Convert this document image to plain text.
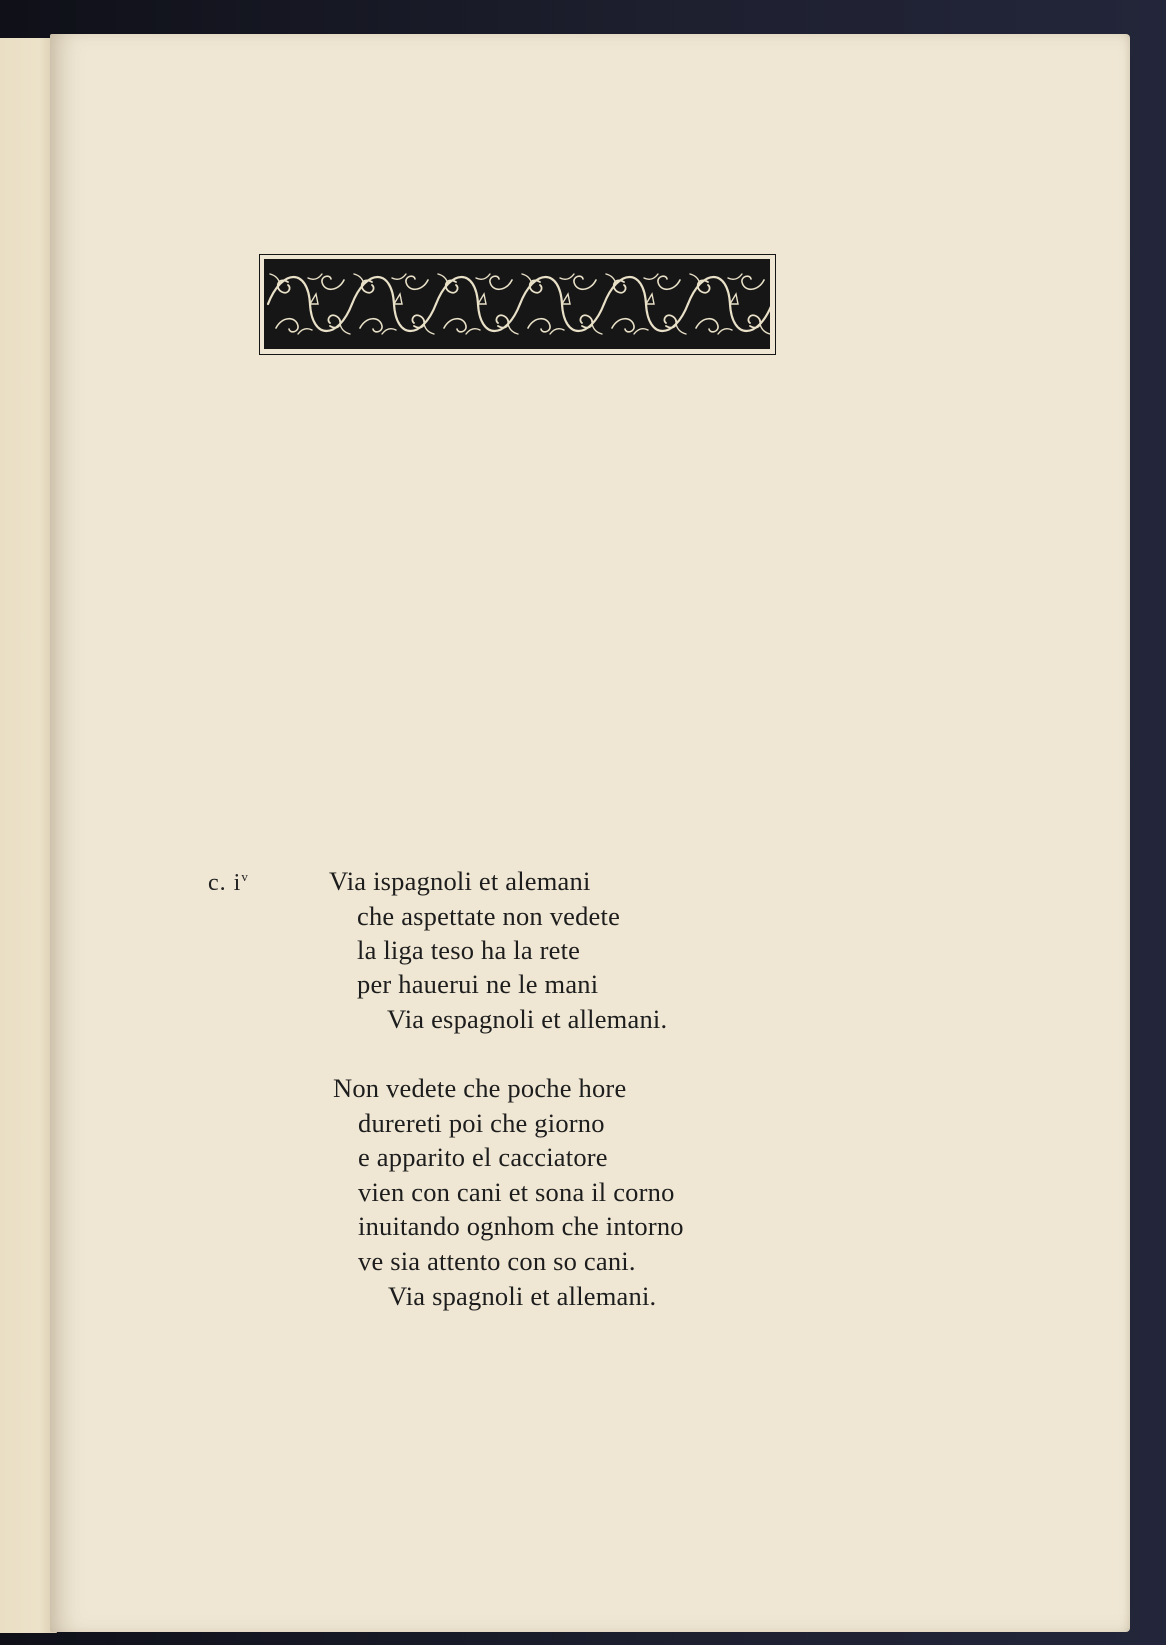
c. $i^v$	Via ispagnoli et alemani
che aspettate non vedete
la liga teso ha la rete
per hauerui ne le mani
Via espagnoli et allemani.
Non vedete che poche hore
durereti poi che giorno
e apparito el cacciatore
vien con cani et sona il corno
inuitando ognhom che intorno
ve sia attento con so cani.
Via spagnoli et allemani.
